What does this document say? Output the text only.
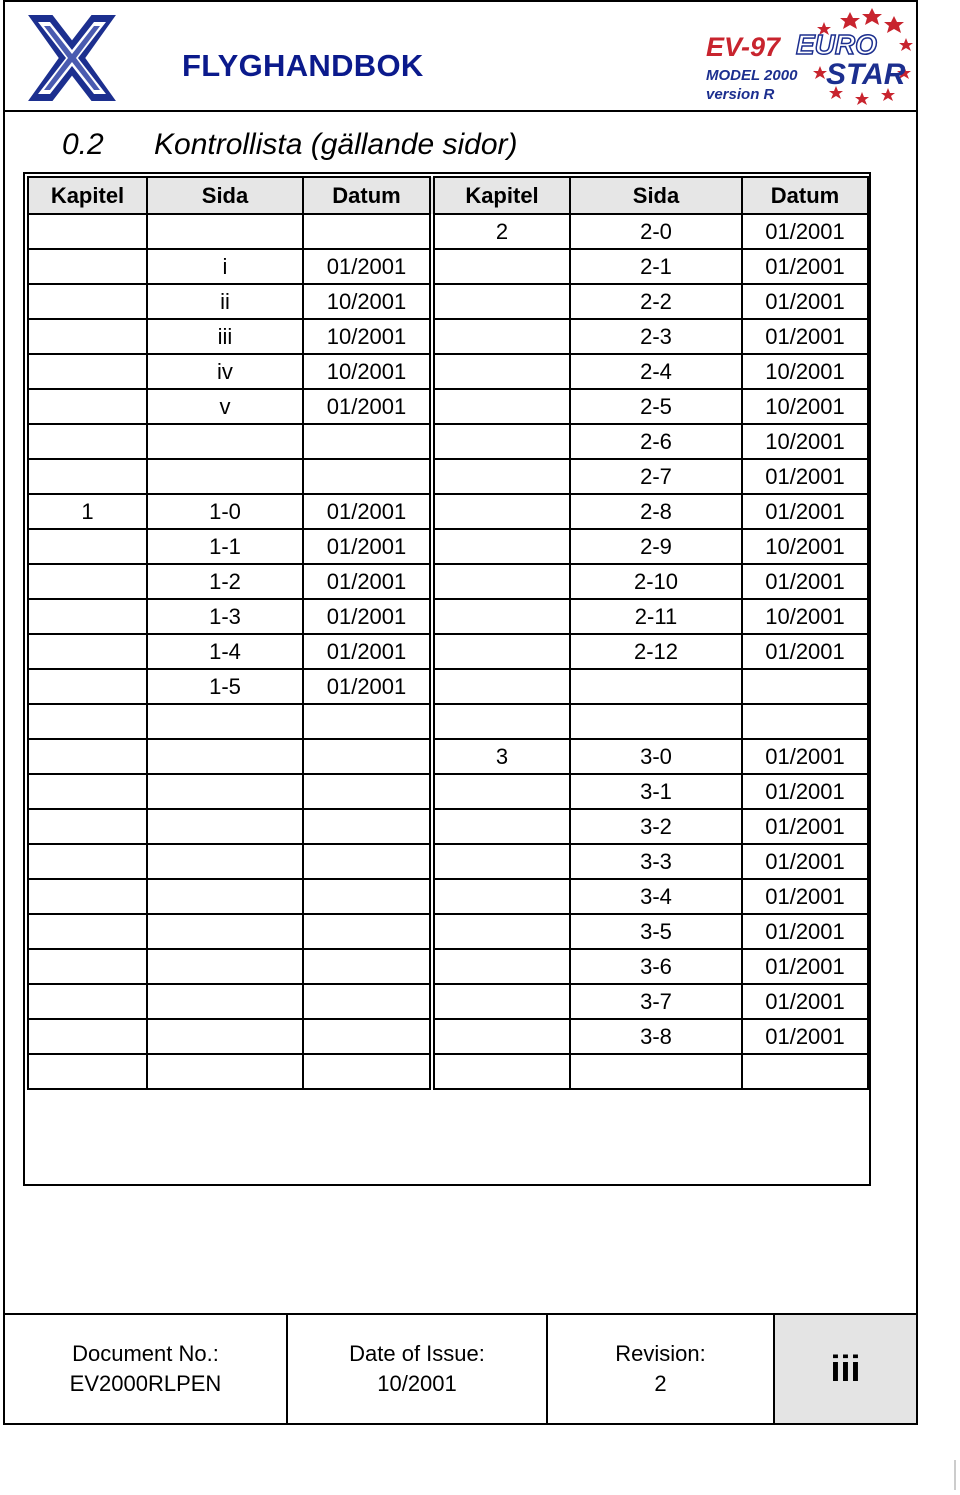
FLYGHANDBOK
EV-97 EURO
MODEL 2000
version R
STAR
0.2 Kontrollista (gällande sidor)
Kapitel	Sida	Datum	Kapitel	Sida	Datum
			2	2-0	01/2001
	i	01/2001		2-1	01/2001
	ii	10/2001		2-2	01/2001
	iii	10/2001		2-3	01/2001
	iv	10/2001		2-4	10/2001
	v	01/2001		2-5	10/2001
				2-6	10/2001
				2-7	01/2001
1	1-0	01/2001		2-8	01/2001
	1-1	01/2001		2-9	10/2001
	1-2	01/2001		2-10	01/2001
	1-3	01/2001		2-11	10/2001
	1-4	01/2001		2-12	01/2001
	1-5	01/2001			

			3	3-0	01/2001
				3-1	01/2001
				3-2	01/2001
				3-3	01/2001
				3-4	01/2001
				3-5	01/2001
				3-6	01/2001
				3-7	01/2001
				3-8	01/2001

Document No.:
EV2000RLPEN
Date of Issue:
10/2001
Revision:
2	iii
